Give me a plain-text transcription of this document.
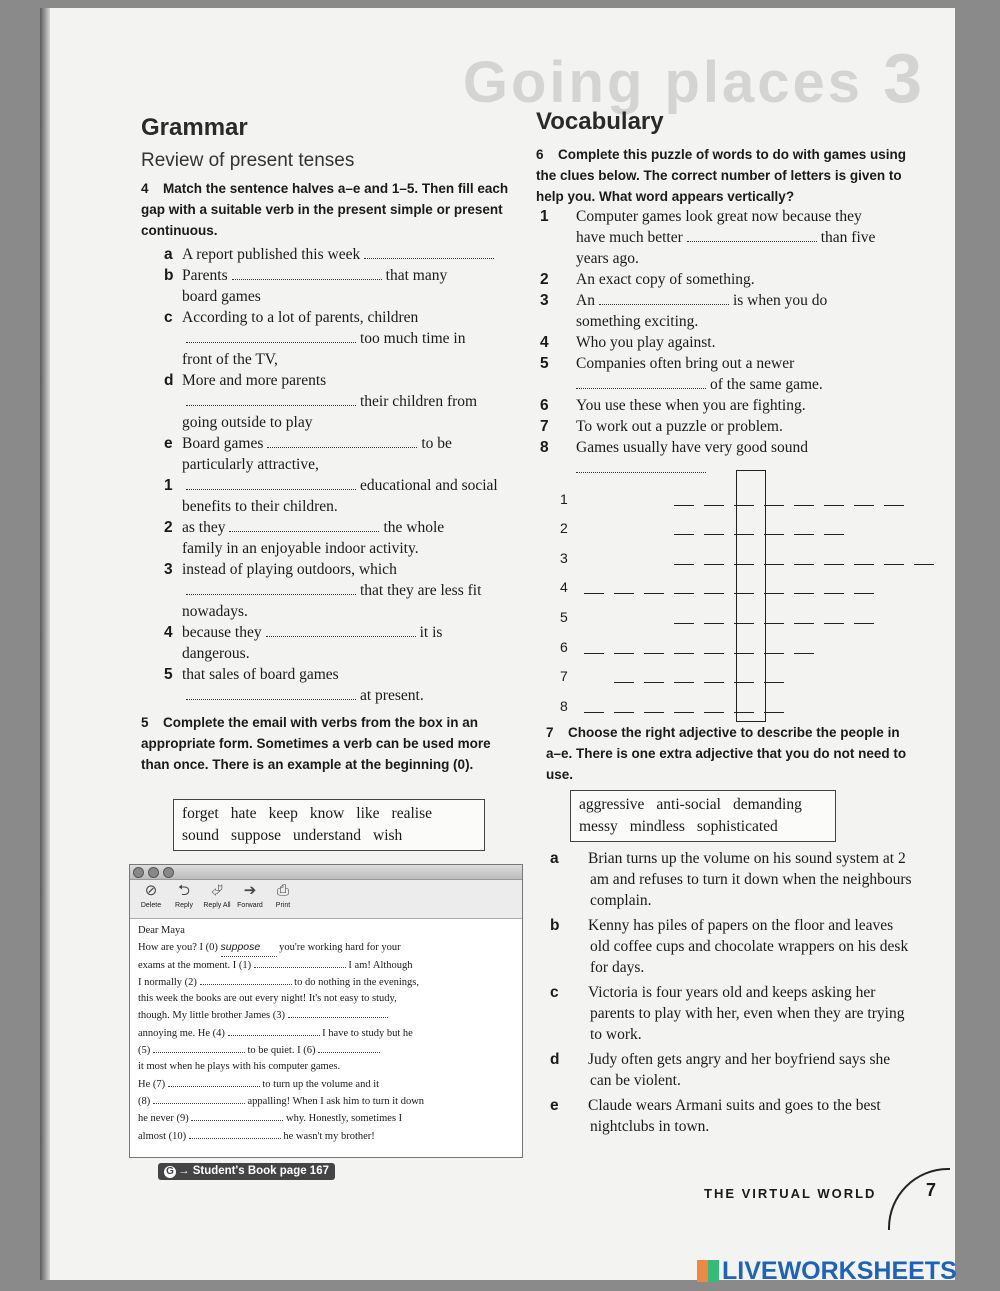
Going places 3
Grammar
Review of present tenses
4 Match the sentence halves a–e and 1–5. Then fill each gap with a suitable verb in the present simple or present continuous.
a A report published this week
b Parents	that many
board games
c According to a lot of parents, children
too much time in
front of the TV,
d More and more parents
their children from
going outside to play
e Board games	to be
particularly attractive,
1	educational and social
benefits to their children.
2 as they	the whole
family in an enjoyable indoor activity.
3 instead of playing outdoors, which
that they are less fit
nowadays.
4 because they	it is
dangerous.
5 that sales of board games
at present.
5 Complete the email with verbs from the box in an appropriate form. Sometimes a verb can be used more than once. There is an example at the beginning (0).
forget hate keep know like realise
sound suppose understand wish
⊘
Delete
⮌
Reply
⮰
Reply All
➔
Forward
⎙
Print
Dear Maya
How are you? I (0) suppose you're working hard for your
exams at the moment. I (1)	I am! Although
I normally (2)	to do nothing in the evenings,
this week the books are out every night! It's not easy to study,
though. My little brother James (3)
annoying me. He (4)	I have to study but he
(5)	to be quiet. I (6)
it most when he plays with his computer games.
He (7)	to turn up the volume and it
(8)	appalling! When I ask him to turn it down
he never (9)	why. Honestly, sometimes I
almost (10)	he wasn't my brother!
G → Student's Book page 167
Vocabulary
6 Complete this puzzle of words to do with games using the clues below. The correct number of letters is given to help you. What word appears vertically?
1 Computer games look great now because they
have much better	than five
years ago.
2 An exact copy of something.
3 An	is when you do
something exciting.
4 Who you play against.
5 Companies often bring out a newer
of the same game.
6 You use these when you are fighting.
7 To work out a puzzle or problem.
8 Games usually have very good sound

1
2
3
4
5
6
7
8
7 Choose the right adjective to describe the people in a–e. There is one extra adjective that you do not need to use.
aggressive anti-social demanding
messy mindless sophisticated
a Brian turns up the volume on his sound system at 2 am and refuses to turn it down when the neighbours complain.
b Kenny has piles of papers on the floor and leaves old coffee cups and chocolate wrappers on his desk for days.
c Victoria is four years old and keeps asking her parents to play with her, even when they are trying to work.
d Judy often gets angry and her boyfriend says she can be violent.
e Claude wears Armani suits and goes to the best nightclubs in town.
THE VIRTUAL WORLD	7
LIVEWORKSHEETS
